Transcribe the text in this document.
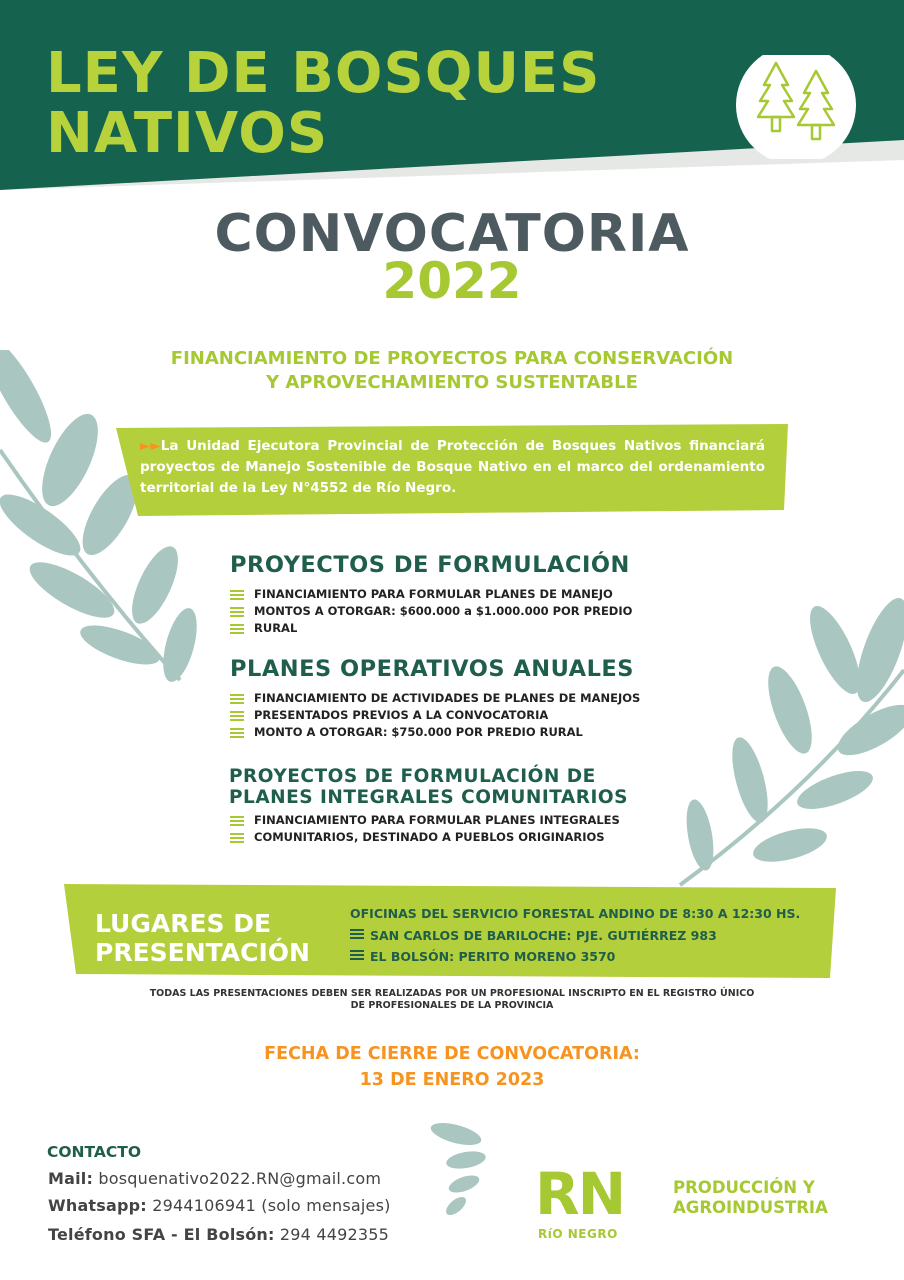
LEY DE BOSQUES
NATIVOS
CONVOCATORIA
2022
FINANCIAMIENTO DE PROYECTOS PARA CONSERVACIÓN
Y APROVECHAMIENTO SUSTENTABLE
►►La Unidad Ejecutora Provincial de Protección de Bosques Nativos financiará proyectos de Manejo Sostenible de Bosque Nativo en el marco del ordenamiento territorial de la Ley N°4552 de Río Negro.
PROYECTOS DE FORMULACIÓN
FINANCIAMIENTO PARA FORMULAR PLANES DE MANEJO
MONTOS A OTORGAR: $600.000 a $1.000.000 POR PREDIO
RURAL
PLANES OPERATIVOS ANUALES
FINANCIAMIENTO DE ACTIVIDADES DE PLANES DE MANEJOS
PRESENTADOS PREVIOS A LA CONVOCATORIA
MONTO A OTORGAR: $750.000 POR PREDIO RURAL
PROYECTOS DE FORMULACIÓN DE
PLANES INTEGRALES COMUNITARIOS
FINANCIAMIENTO PARA FORMULAR PLANES INTEGRALES
COMUNITARIOS, DESTINADO A PUEBLOS ORIGINARIOS
LUGARES DE
PRESENTACIÓN
OFICINAS DEL SERVICIO FORESTAL ANDINO DE 8:30 A 12:30 HS.
SAN CARLOS DE BARILOCHE: PJE. GUTIÉRREZ 983
EL BOLSÓN: PERITO MORENO 3570
TODAS LAS PRESENTACIONES DEBEN SER REALIZADAS POR UN PROFESIONAL INSCRIPTO EN EL REGISTRO ÚNICO
DE PROFESIONALES DE LA PROVINCIA
FECHA DE CIERRE DE CONVOCATORIA:
13 DE ENERO 2023
CONTACTO
Mail: bosquenativo2022.RN@gmail.com
Whatsapp: 2944106941 (solo mensajes)
Teléfono SFA - El Bolsón: 294 4492355
RN
RíO NEGRO
PRODUCCIÓN Y
AGROINDUSTRIA
